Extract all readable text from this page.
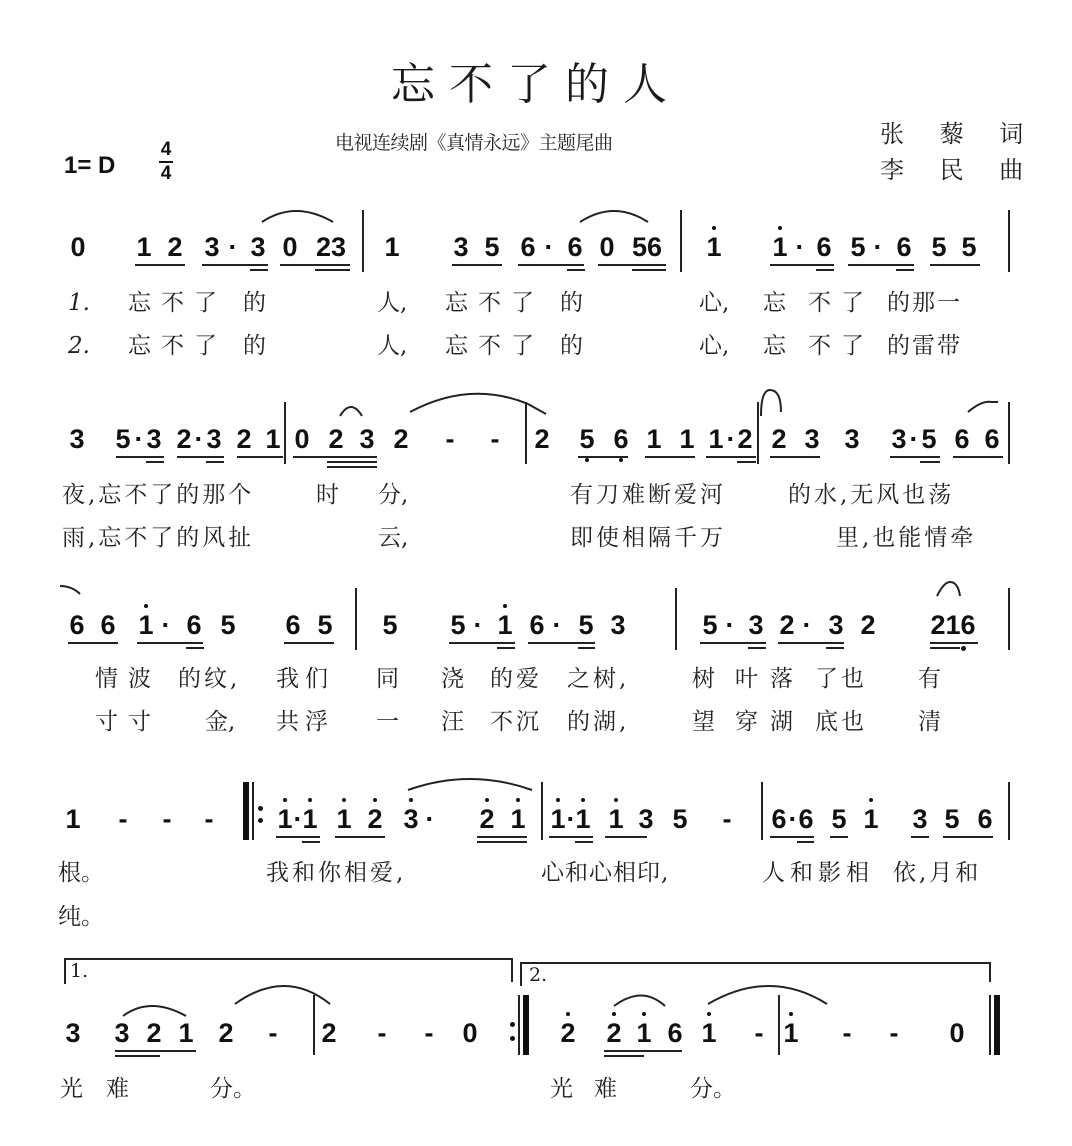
忘不了的人
电视连续剧《真情永远》主题尾曲	张 藜 词
李 民 曲
1= D
4
4
0 1 2 3 · 3 0 23 1 3 5 6 · 6 0 56 1 1 · 6 5 · 6 5 5
1. 忘不了 的	人, 忘不了 的	心, 忘 不了 的那一
2. 忘不了 的	人, 忘不了 的	心, 忘 不了 的雷带
3 5 · 3 2 · 3 2 1 0 2 3 2 - - 2 5 6 1 1 1 · 2 2 3 3 3 · 5 6 6
夜,忘不了的那个	时 分,	有刀难断爱河	的水,无风也荡
雨,忘不了的风扯	云,	即使相隔千万	里,也能情牵
6 6 1 · 6 5 6 5 5 5 · 1 6 · 5 3	5 · 3 2 · 3 2 216
情波 的纹, 我们 同 浇 的爱 之树,	树 叶落 了也 有
寸寸 金, 共浮 一 汪 不沉 的湖,	望 穿湖 底也 清
1 - - - 1 · 1 1 2 3 · 2 1 1 · 1 1 3 5 - 6 · 6 5 1 3 5 6
根。	我和你相爱,	心和心相印,	人和影相 依,月和
纯。
1.
3 3 2 1 2 - 2 - - 0
2.
2 2 1 6 1 - 1 - - 0
光 难	分。	光 难	分。
